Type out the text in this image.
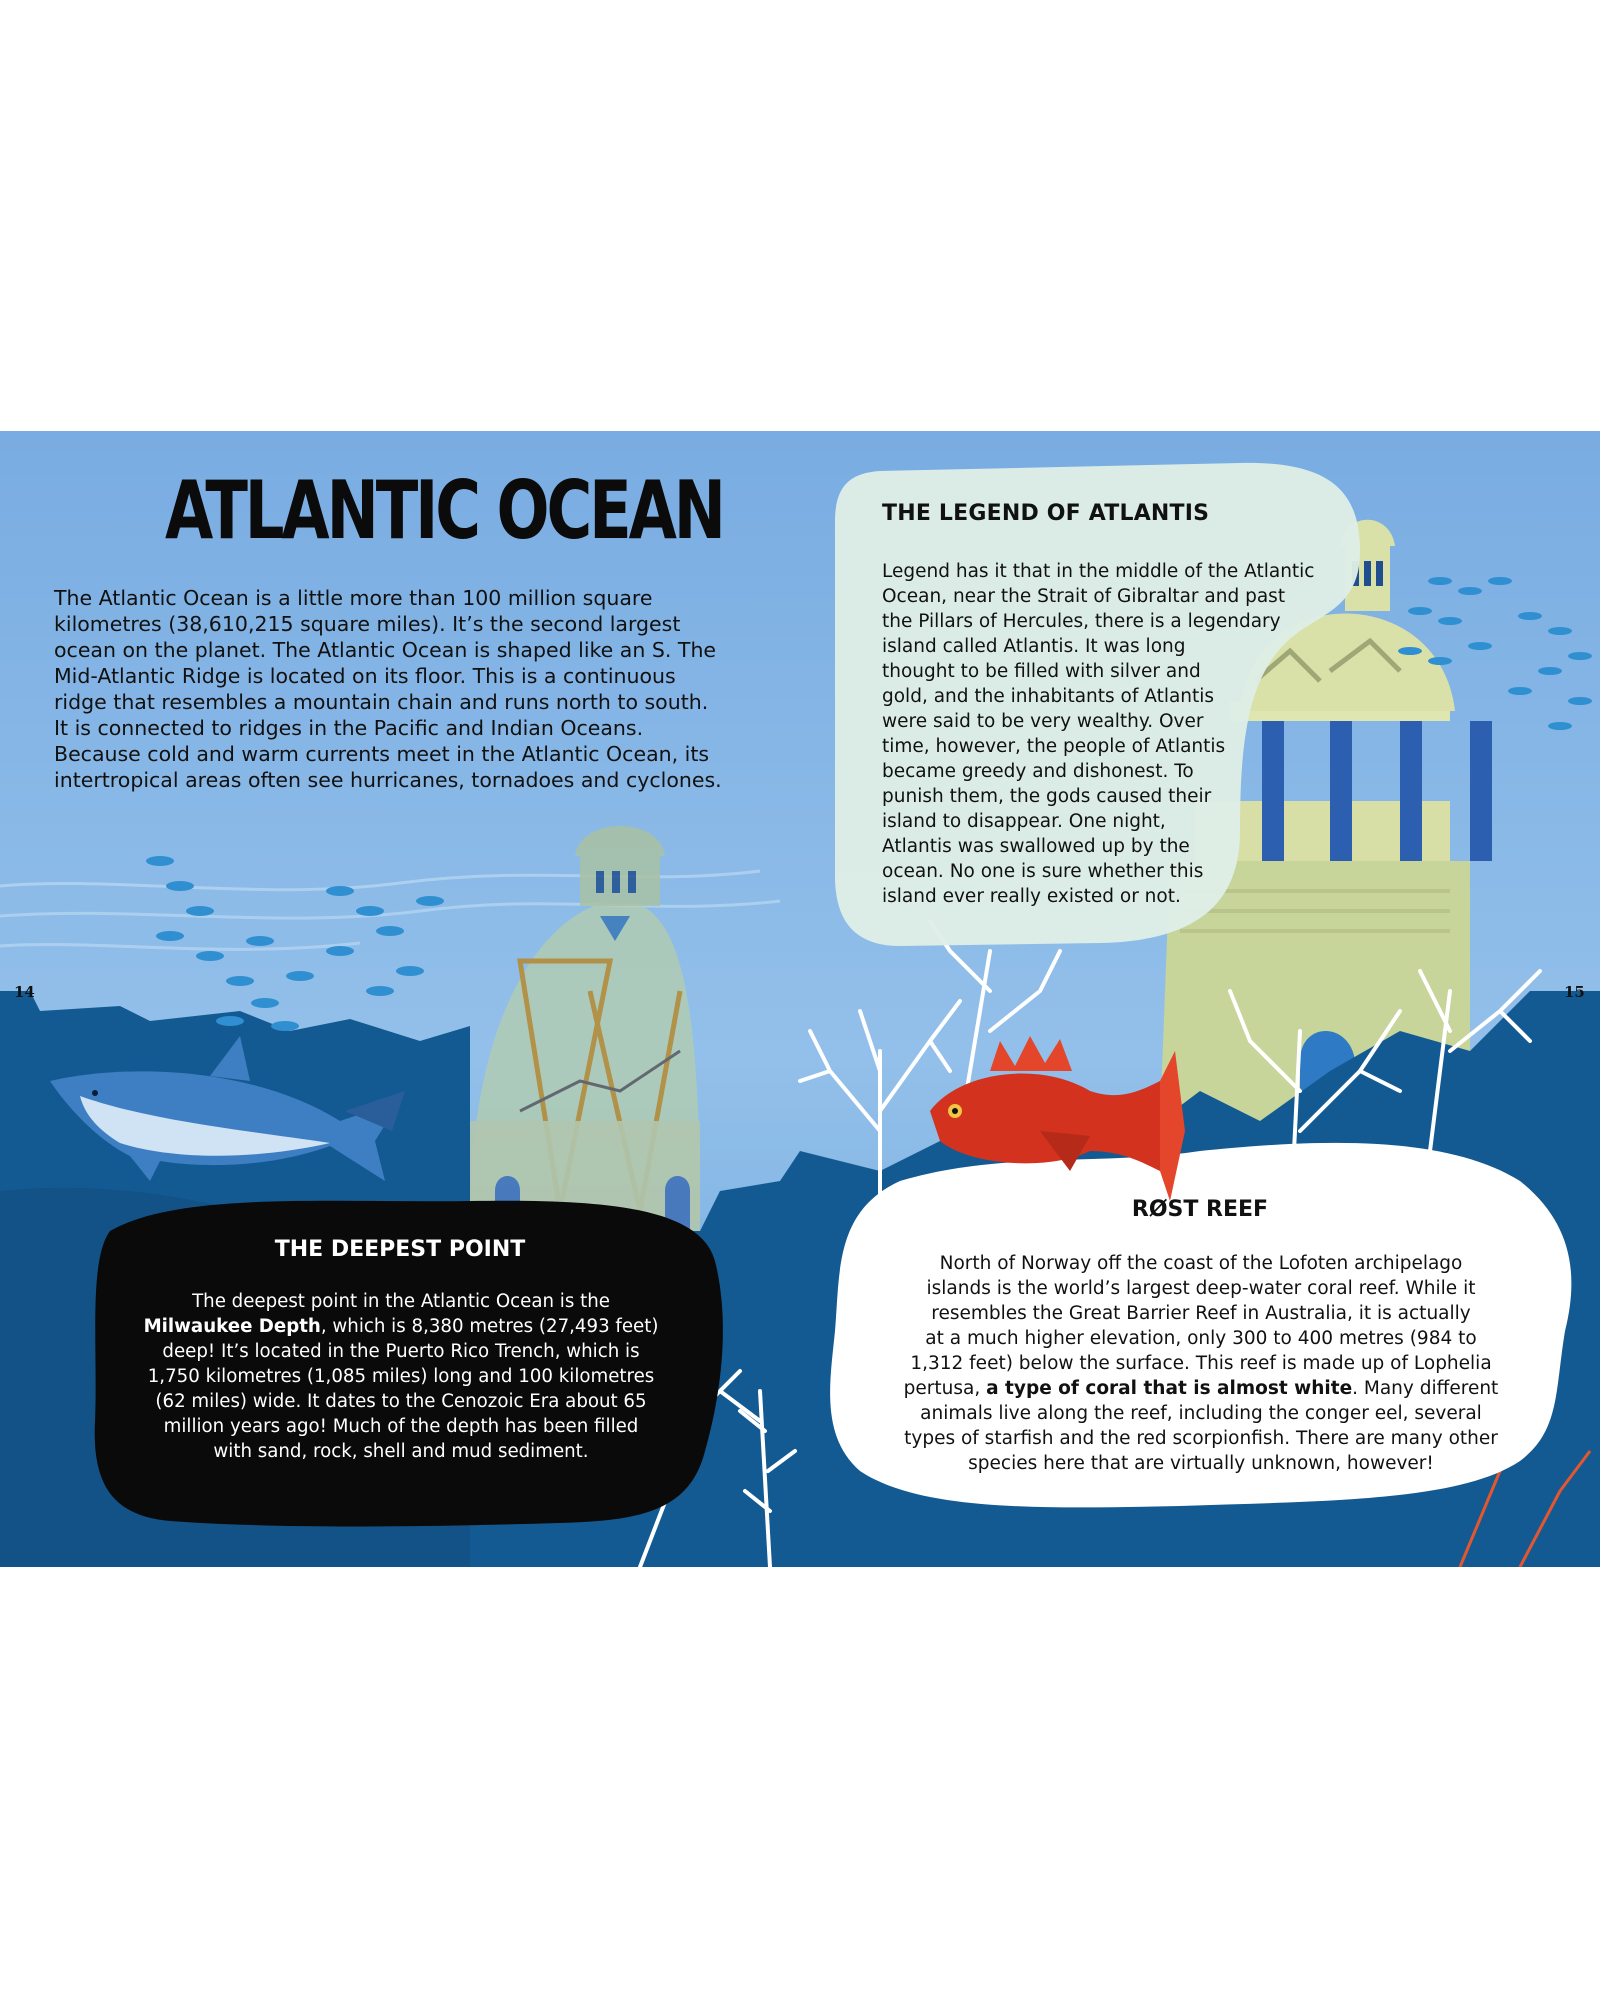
ATLANTIC OCEAN

The Atlantic Ocean is a little more than 100 million square

kilometres (38,610,215 square miles). It’s the second largest

ocean on the planet. The Atlantic Ocean is shaped like an S. The

Mid-Atlantic Ridge is located on its floor. This is a continuous

ridge that resembles a mountain chain and runs north to south.

It is connected to ridges in the Pacific and Indian Oceans.

Because cold and warm currents meet in the Atlantic Ocean, its

intertropical areas often see hurricanes, tornadoes and cyclones.

THE LEGEND OF ATLANTIS

Legend has it that in the middle of the Atlantic

Ocean, near the Strait of Gibraltar and past

the Pillars of Hercules, there is a legendary

island called Atlantis. It was long

thought to be filled with silver and

gold, and the inhabitants of Atlantis

were said to be very wealthy. Over

time, however, the people of Atlantis

became greedy and dishonest. To

punish them, the gods caused their

island to disappear. One night,

Atlantis was swallowed up by the

ocean. No one is sure whether this

island ever really existed or not.

THE DEEPEST POINT

The deepest point in the Atlantic Ocean is the

Milwaukee Depth, which is 8,380 metres (27,493 feet)

deep! It’s located in the Puerto Rico Trench, which is

1,750 kilometres (1,085 miles) long and 100 kilometres

(62 miles) wide. It dates to the Cenozoic Era about 65

million years ago! Much of the depth has been filled

with sand, rock, shell and mud sediment.

RØST REEF

North of Norway off the coast of the Lofoten archipelago

islands is the world’s largest deep-water coral reef. While it

resembles the Great Barrier Reef in Australia, it is actually

at a much higher elevation, only 300 to 400 metres (984 to

1,312 feet) below the surface. This reef is made up of Lophelia

pertusa, a type of coral that is almost white. Many different

animals live along the reef, including the conger eel, several

types of starfish and the red scorpionfish. There are many other

species here that are virtually unknown, however!

14	15
